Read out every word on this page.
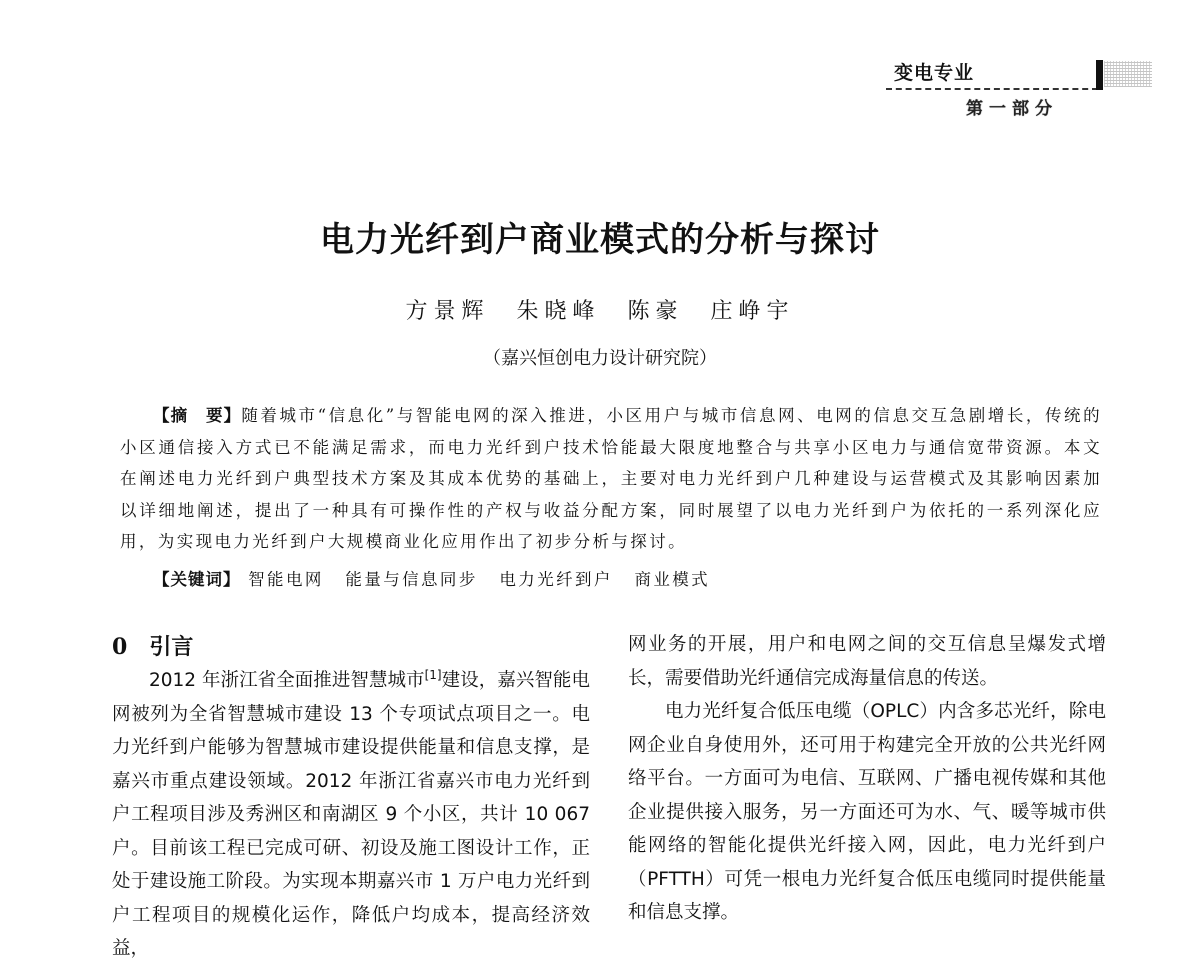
变电专业
第一部分
电力光纤到户商业模式的分析与探讨
方景辉 朱晓峰 陈豪 庄峥宇
（嘉兴恒创电力设计研究院）
【摘　要】随着城市“信息化”与智能电网的深入推进，小区用户与城市信息网、电网的信息交互急剧增长，传统的小区通信接入方式已不能满足需求，而电力光纤到户技术恰能最大限度地整合与共享小区电力与通信宽带资源。本文在阐述电力光纤到户典型技术方案及其成本优势的基础上，主要对电力光纤到户几种建设与运营模式及其影响因素加以详细地阐述，提出了一种具有可操作性的产权与收益分配方案，同时展望了以电力光纤到户为依托的一系列深化应用，为实现电力光纤到户大规模商业化应用作出了初步分析与探讨。
【关键词】 智能电网 能量与信息同步 电力光纤到户 商业模式
0 引言

2012 年浙江省全面推进智慧城市[1]建设，嘉兴智能电网被列为全省智慧城市建设 13 个专项试点项目之一。电力光纤到户能够为智慧城市建设提供能量和信息支撑，是嘉兴市重点建设领域。2012 年浙江省嘉兴市电力光纤到户工程项目涉及秀洲区和南湖区 9 个小区，共计 10 067 户。目前该工程已完成可研、初设及施工图设计工作，正处于建设施工阶段。为实现本期嘉兴市 1 万户电力光纤到户工程项目的规模化运作，降低户均成本，提高经济效益，

网业务的开展，用户和电网之间的交互信息呈爆发式增长，需要借助光纤通信完成海量信息的传送。

电力光纤复合低压电缆（OPLC）内含多芯光纤，除电网企业自身使用外，还可用于构建完全开放的公共光纤网络平台。一方面可为电信、互联网、广播电视传媒和其他企业提供接入服务，另一方面还可为水、气、暖等城市供能网络的智能化提供光纤接入网，因此，电力光纤到户（PFTTH）可凭一根电力光纤复合低压电缆同时提供能量和信息支撑。
